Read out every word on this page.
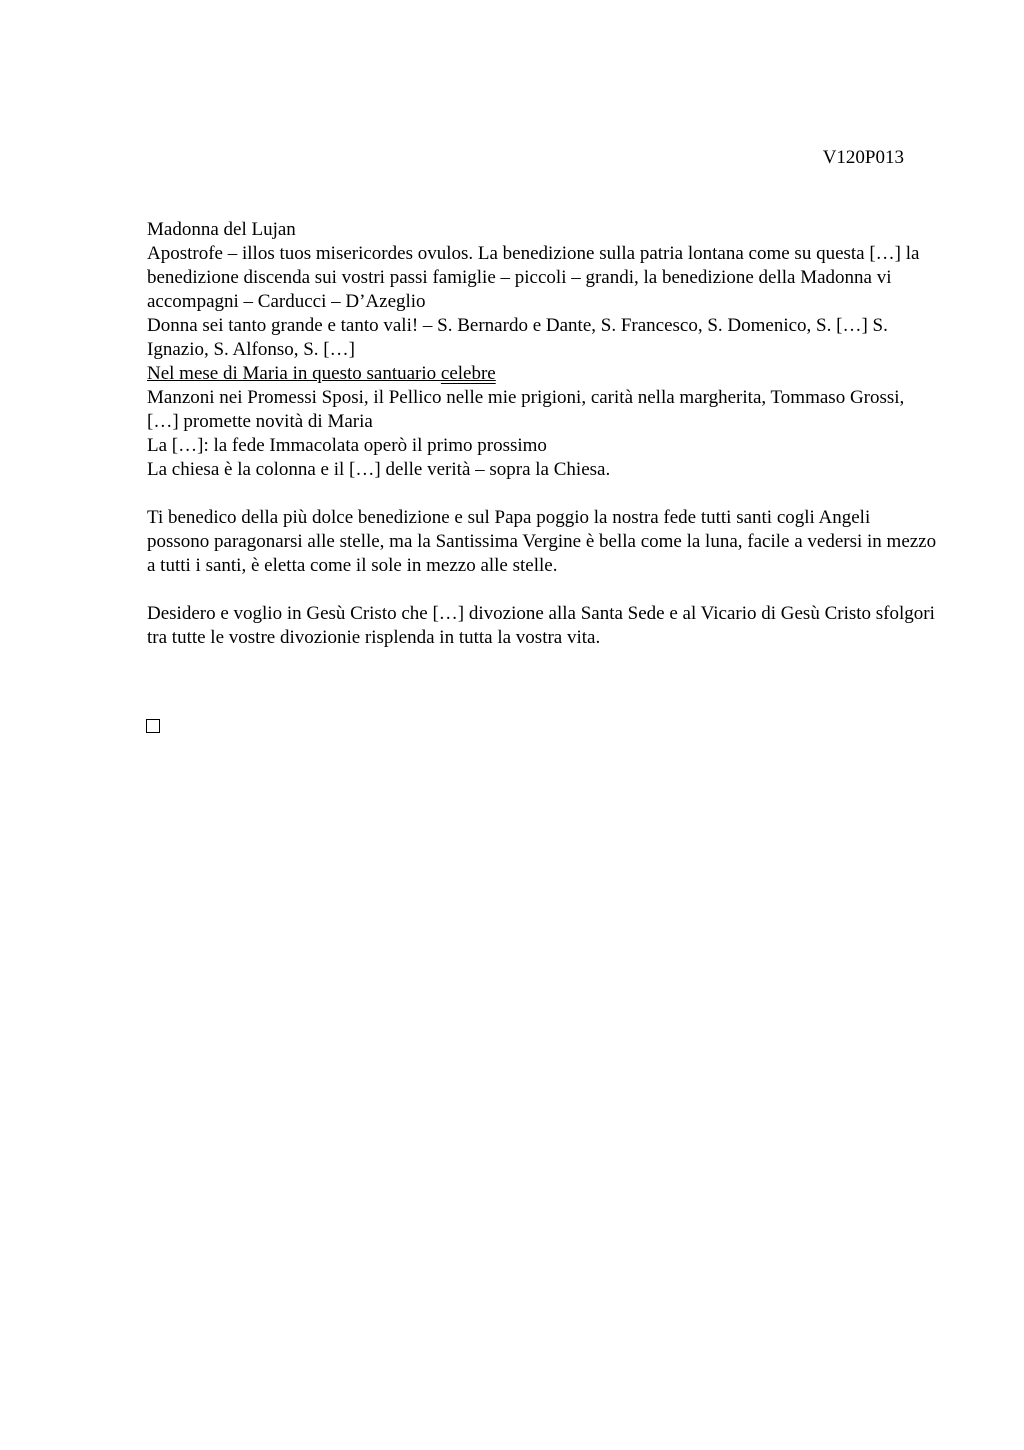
V120P013
Madonna del Lujan
Apostrofe – illos tuos misericordes ovulos. La benedizione sulla patria lontana come su questa […] la benedizione discenda sui vostri passi famiglie – piccoli – grandi, la benedizione della Madonna vi accompagni – Carducci – D’Azeglio
Donna sei tanto grande e tanto vali! – S. Bernardo e Dante, S. Francesco, S. Domenico, S. […] S. Ignazio, S. Alfonso, S. […]
Nel mese di Maria in questo santuario celebre
Manzoni nei Promessi Sposi, il Pellico nelle mie prigioni, carità nella margherita, Tommaso Grossi, […] promette novità di Maria
La […]: la fede Immacolata operò il primo prossimo
La chiesa è la colonna e il […] delle verità – sopra la Chiesa.

Ti benedico della più dolce benedizione e sul Papa poggio la nostra fede tutti santi cogli Angeli possono paragonarsi alle stelle, ma la Santissima Vergine è bella come la luna, facile a vedersi in mezzo a tutti i santi, è eletta come il sole in mezzo alle stelle.

Desidero e voglio in Gesù Cristo che […] divozione alla Santa Sede e al Vicario di Gesù Cristo sfolgori tra tutte le vostre divozionie risplenda in tutta la vostra vita.
